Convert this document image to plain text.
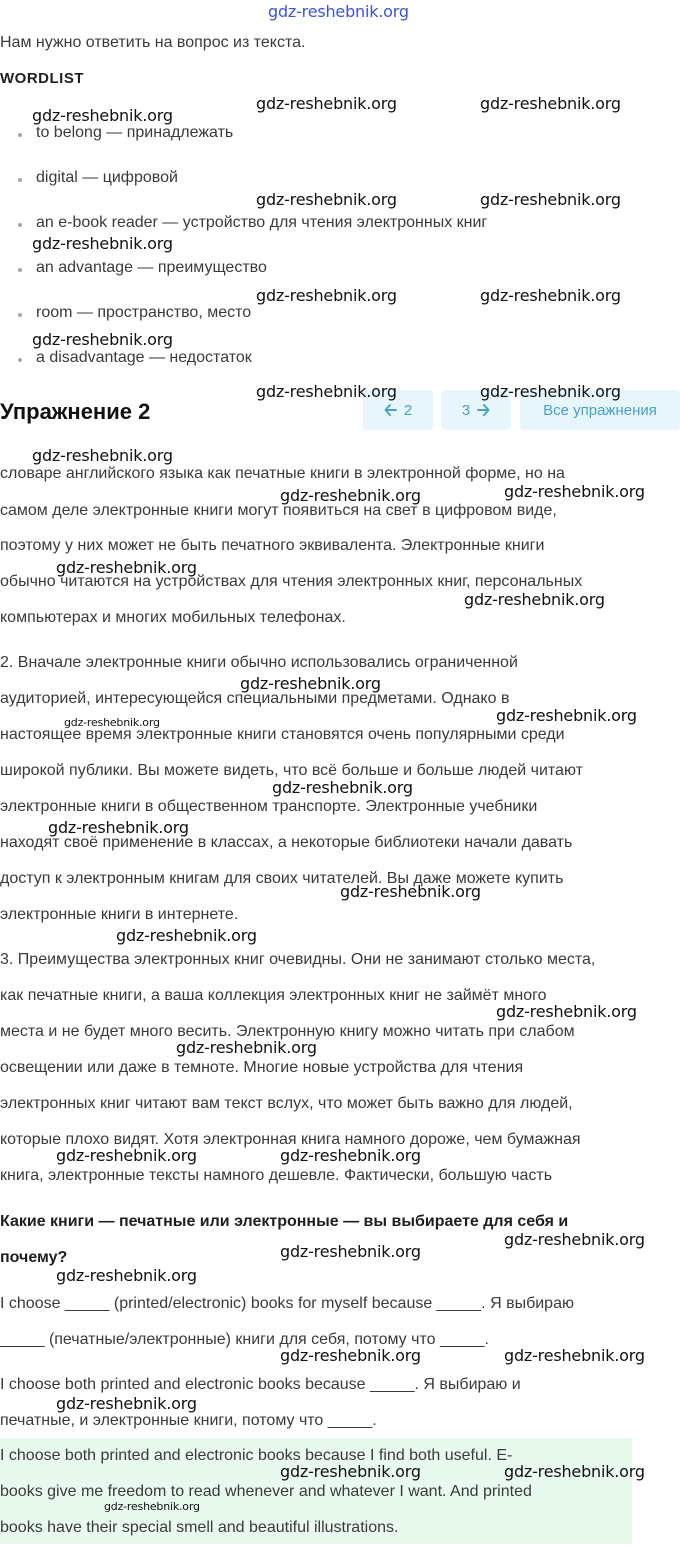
gdz-reshebnik.org
Нам нужно ответить на вопрос из текста.
WORDLIST
to belong — принадлежать
digital — цифровой
an e-book reader — устройство для чтения электронных книг
an advantage — преимущество
room — пространство, место
a disadvantage — недостаток
Упражнение 2	2	3	Все упражнения
словаре английского языка как печатные книги в электронной форме, но на
самом деле электронные книги могут появиться на свет в цифровом виде,
поэтому у них может не быть печатного эквивалента. Электронные книги
обычно читаются на устройствах для чтения электронных книг, персональных
компьютерах и многих мобильных телефонах.
2. Вначале электронные книги обычно использовались ограниченной
аудиторией, интересующейся специальными предметами. Однако в
настоящее время электронные книги становятся очень популярными среди
широкой публики. Вы можете видеть, что всё больше и больше людей читают
электронные книги в общественном транспорте. Электронные учебники
находят своё применение в классах, а некоторые библиотеки начали давать
доступ к электронным книгам для своих читателей. Вы даже можете купить
электронные книги в интернете.
3. Преимущества электронных книг очевидны. Они не занимают столько места,
как печатные книги, а ваша коллекция электронных книг не займёт много
места и не будет много весить. Электронную книгу можно читать при слабом
освещении или даже в темноте. Многие новые устройства для чтения
электронных книг читают вам текст вслух, что может быть важно для людей,
которые плохо видят. Хотя электронная книга намного дороже, чем бумажная
книга, электронные тексты намного дешевле. Фактически, большую часть
Какие книги — печатные или электронные — вы выбираете для себя и
почему?
I choose _____ (printed/electronic) books for myself because _____. Я выбираю
_____ (печатные/электронные) книги для себя, потому что _____.
I choose both printed and electronic books because _____. Я выбираю и
печатные, и электронные книги, потому что _____.
I choose both printed and electronic books because I find both useful. E-
books give me freedom to read whenever and whatever I want. And printed
books have their special smell and beautiful illustrations.
gdz-reshebnik.org
gdz-reshebnik.org	gdz-reshebnik.org
gdz-reshebnik.org	gdz-reshebnik.org
gdz-reshebnik.org
gdz-reshebnik.org	gdz-reshebnik.org
gdz-reshebnik.org
gdz-reshebnik.org	gdz-reshebnik.org
gdz-reshebnik.org
gdz-reshebnik.org	gdz-reshebnik.org
gdz-reshebnik.org
gdz-reshebnik.org
gdz-reshebnik.org
gdz-reshebnik.org
gdz-reshebnik.org
gdz-reshebnik.org
gdz-reshebnik.org
gdz-reshebnik.org
gdz-reshebnik.org
gdz-reshebnik.org
gdz-reshebnik.org
gdz-reshebnik.org	gdz-reshebnik.org
gdz-reshebnik.org
gdz-reshebnik.org
gdz-reshebnik.org
gdz-reshebnik.org	gdz-reshebnik.org
gdz-reshebnik.org
gdz-reshebnik.org	gdz-reshebnik.org
gdz-reshebnik.org
